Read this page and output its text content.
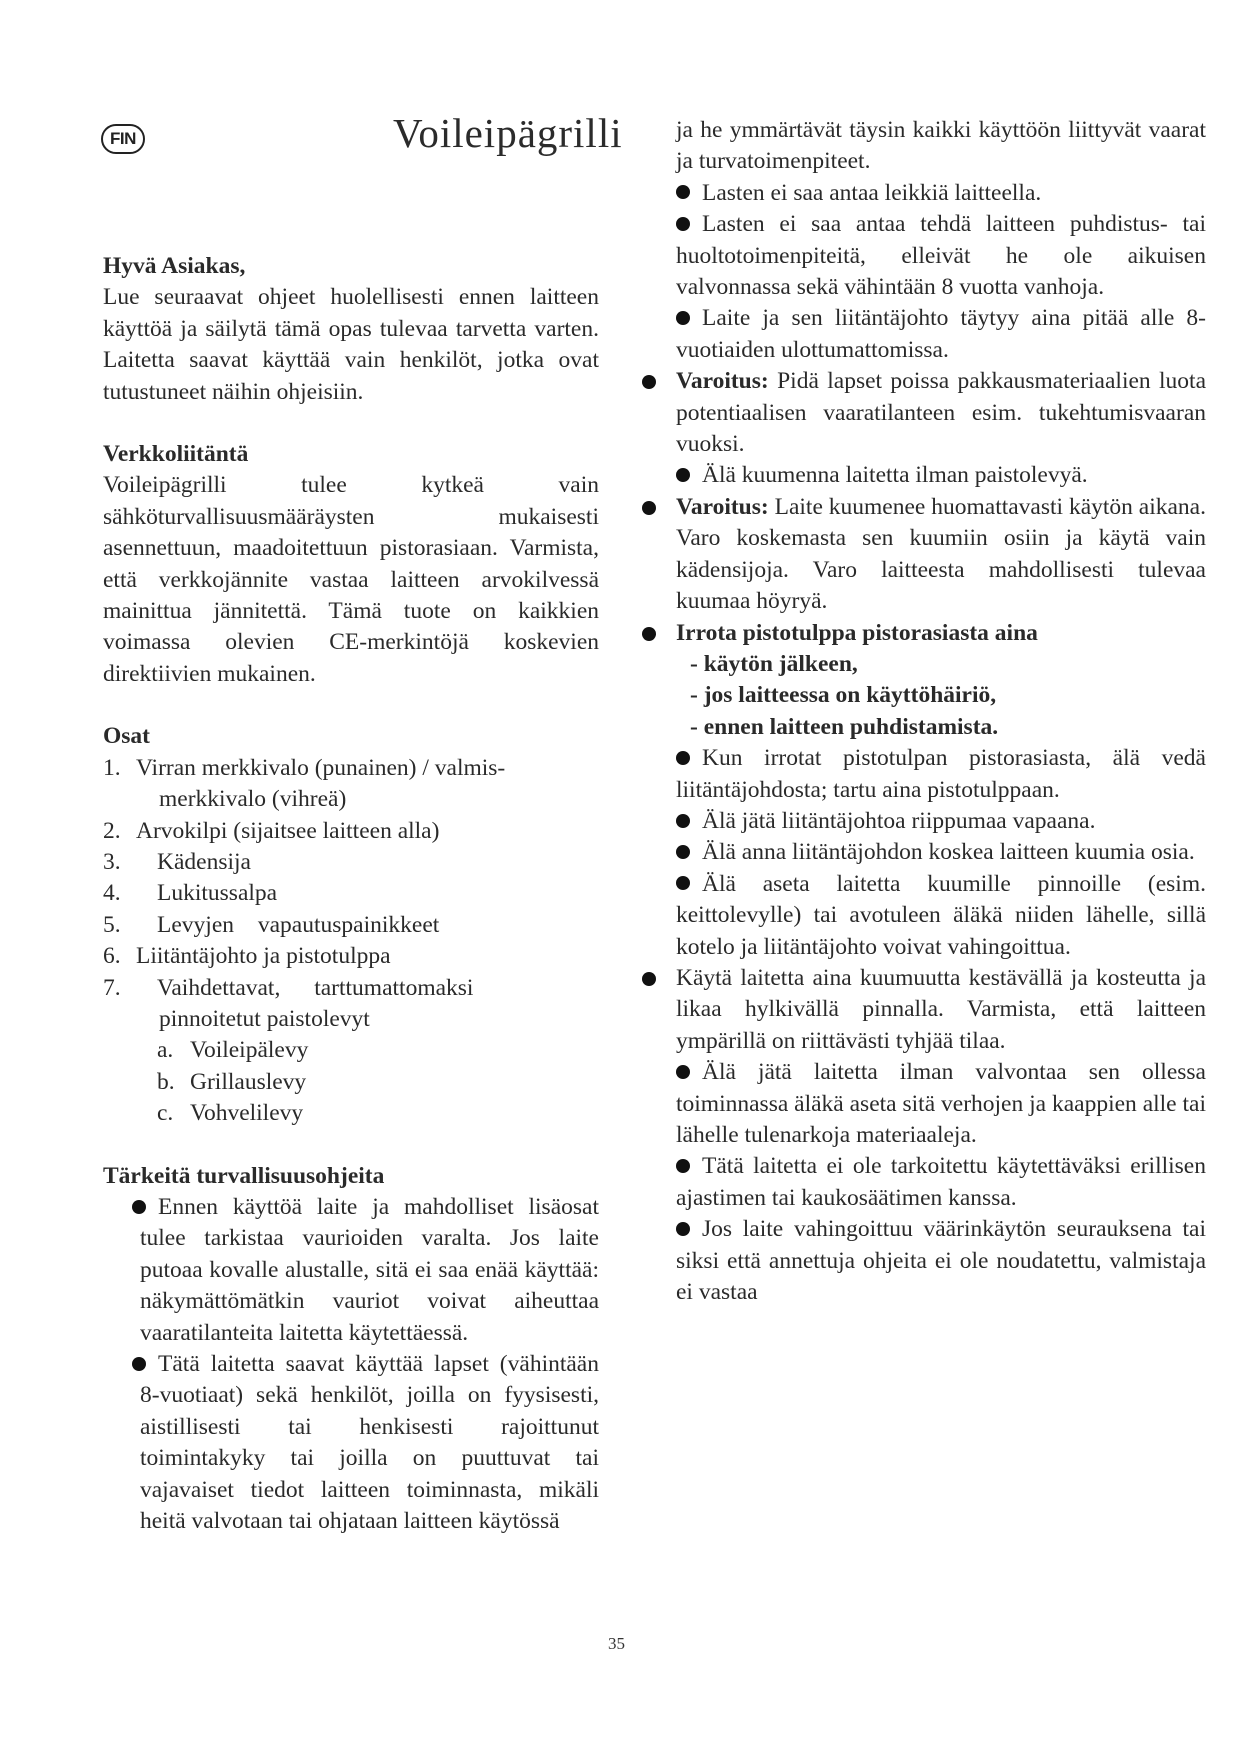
FIN	Voileipägrilli

Hyvä Asiakas,

Lue seuraavat ohjeet huolellisesti ennen laitteen käyttöä ja säilytä tämä opas tulevaa tarvetta varten. Laitetta saavat käyttää vain henkilöt, jotka ovat tutustuneet näihin ohjeisiin.

Verkkoliitäntä

Voileipägrilli tulee kytkeä vain sähköturvallisuusmääräysten mukaisesti asennettuun, maadoitettuun pistorasiaan. Varmista, että verkkojännite vastaa laitteen arvokilvessä mainittua jännitettä. Tämä tuote on kaikkien voimassa olevien CE-merkintöjä koskevien direktiivien mukainen.

Osat

1. Virran merkkivalo (punainen) / valmis-
merkkivalo (vihreä)
2. Arvokilpi (sijaitsee laitteen alla)
3.	Kädensija
4.	Lukitussalpa
5.	Levyjen vapautuspainikkeet
6. Liitäntäjohto ja pistotulppa
7.	Vaihdettavat, tarttumattomaksi
pinnoitetut paistolevyt
a. Voileipälevy
b. Grillauslevy
c. Vohvelilevy

Tärkeitä turvallisuusohjeita

Ennen käyttöä laite ja mahdolliset lisäosat tulee tarkistaa vaurioiden varalta. Jos laite putoaa kovalle alustalle, sitä ei saa enää käyttää: näkymättömätkin vauriot voivat aiheuttaa vaaratilanteita laitetta käytettäessä.

Tätä laitetta saavat käyttää lapset (vähintään 8-vuotiaat) sekä henkilöt, joilla on fyysisesti, aistillisesti tai henkisesti rajoittunut toimintakyky tai joilla on puuttuvat tai vajavaiset tiedot laitteen toiminnasta, mikäli heitä valvotaan tai ohjataan laitteen käytössä

ja he ymmärtävät täysin kaikki käyttöön liittyvät vaarat ja turvatoimenpiteet.

Lasten ei saa antaa leikkiä laitteella.

Lasten ei saa antaa tehdä laitteen puhdistus- tai huoltotoimenpiteitä, elleivät he ole aikuisen valvonnassa sekä vähintään 8 vuotta vanhoja.

Laite ja sen liitäntäjohto täytyy aina pitää alle 8-vuotiaiden ulottumattomissa.

Varoitus: Pidä lapset poissa pakkausmateriaalien luota potentiaalisen vaaratilanteen esim. tukehtumisvaaran vuoksi.

Älä kuumenna laitetta ilman paistolevyä.

Varoitus: Laite kuumenee huomattavasti käytön aikana. Varo koskemasta sen kuumiin osiin ja käytä vain kädensijoja. Varo laitteesta mahdollisesti tulevaa kuumaa höyryä.

Irrota pistotulppa pistorasiasta aina

- käytön jälkeen,

- jos laitteessa on käyttöhäiriö,

- ennen laitteen puhdistamista.

Kun irrotat pistotulpan pistorasiasta, älä vedä liitäntäjohdosta; tartu aina pistotulppaan.

Älä jätä liitäntäjohtoa riippumaa vapaana.

Älä anna liitäntäjohdon koskea laitteen kuumia osia.

Älä aseta laitetta kuumille pinnoille (esim. keittolevylle) tai avotuleen äläkä niiden lähelle, sillä kotelo ja liitäntäjohto voivat vahingoittua.

Käytä laitetta aina kuumuutta kestävällä ja kosteutta ja likaa hylkivällä pinnalla. Varmista, että laitteen ympärillä on riittävästi tyhjää tilaa.

Älä jätä laitetta ilman valvontaa sen ollessa toiminnassa äläkä aseta sitä verhojen ja kaappien alle tai lähelle tulenarkoja materiaaleja.

Tätä laitetta ei ole tarkoitettu käytettäväksi erillisen ajastimen tai kaukosäätimen kanssa.

Jos laite vahingoittuu väärinkäytön seurauksena tai siksi että annettuja ohjeita ei ole noudatettu, valmistaja ei vastaa

35
